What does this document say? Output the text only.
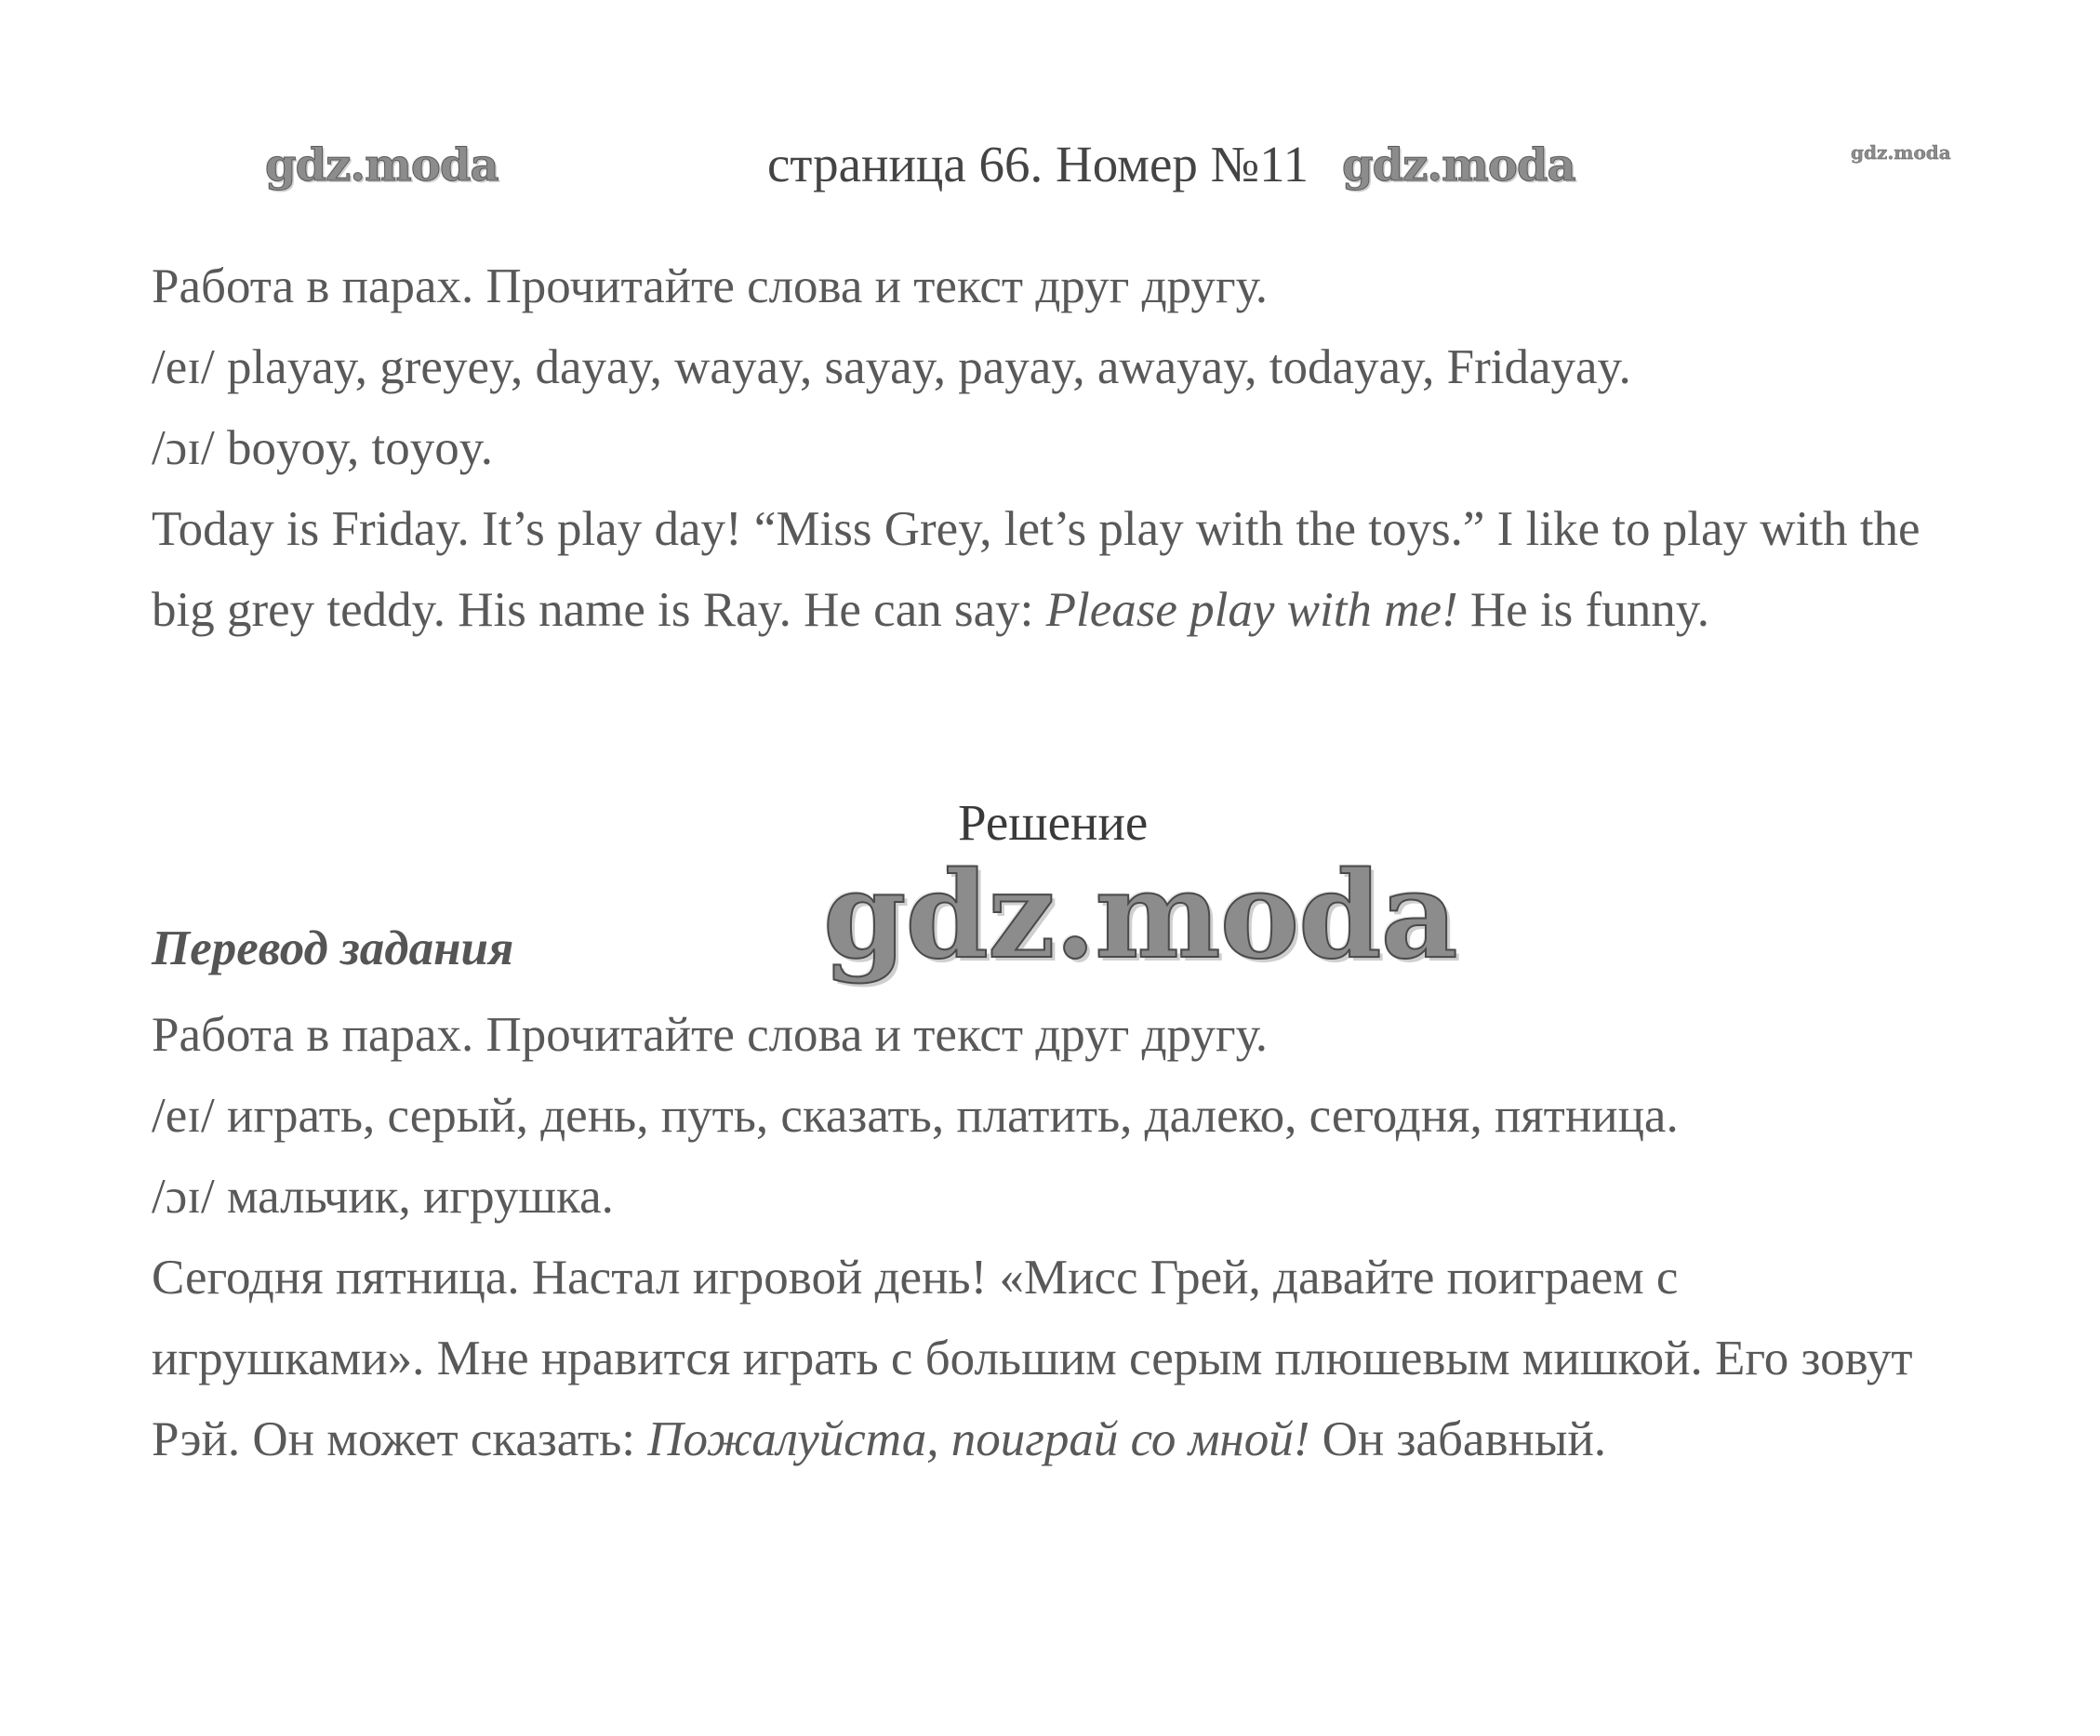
gdz.moda	страница 66. Номер №11 gdz.moda	gdz.moda

Работа в парах. Прочитайте слова и текст друг другу.

/eɪ/ playay, greyey, dayay, wayay, sayay, payay, awayay, todayay, Fridayay.

/ɔɪ/ boyoy, toyoy.

Today is Friday. It’s play day! “Miss Grey, let’s play with the toys.” I like to play with the big grey teddy. His name is Ray. He can say: Please play with me! He is funny.

Решение
gdz.moda
Перевод задания

Работа в парах. Прочитайте слова и текст друг другу.

/eɪ/ играть, серый, день, путь, сказать, платить, далеко, сегодня, пятница.

/ɔɪ/ мальчик, игрушка.

Сегодня пятница. Настал игровой день! «Мисс Грей, давайте поиграем с игрушками». Мне нравится играть с большим серым плюшевым мишкой. Его зовут Рэй. Он может сказать: Пожалуйста, поиграй со мной! Он забавный.
